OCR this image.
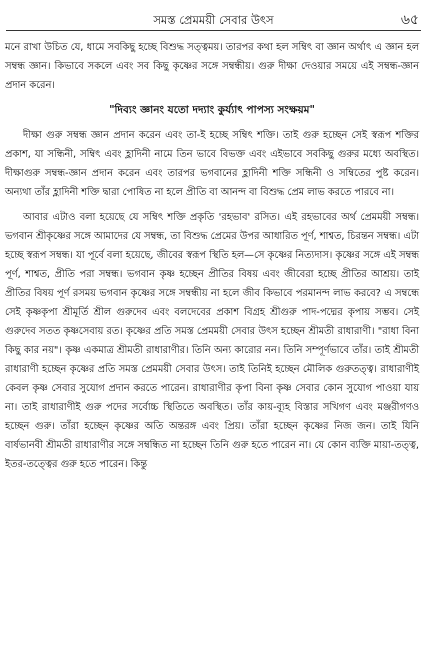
সমস্ত প্রেমময়ী সেবার উৎস	৬৫

মনে রাখা উচিত যে, ধামে সবকিছু হচ্ছে বিশুদ্ধ সত্ত্বময়। তারপর কথা হল সম্বিৎ বা জ্ঞান অর্থাৎ এ জ্ঞান হল সম্বন্ধ জ্ঞান। কিভাবে সকলে এবং সব কিছু কৃষ্ণের সঙ্গে সম্বন্ধীয়। গুরু দীক্ষা দেওয়ার সময়ে এই সম্বন্ধ-জ্ঞান প্রদান করেন।

"দিব্যং জ্ঞানং যতো দদ্যাং কুর্য্যাৎ পাপস্য সংক্ষয়ম"

দীক্ষা গুরু সম্বন্ধ জ্ঞান প্রদান করেন এবং তা-ই হচ্ছে সম্বিৎ শক্তি। তাই গুরু হচ্ছেন সেই স্বরূপ শক্তির প্রকাশ, যা সন্ধিনী, সম্বিৎ এবং হ্লাদিনী নামে তিন ভাবে বিভক্ত এবং এইভাবে সবকিছু গুরুর মধ্যে অবস্থিত। দীক্ষাগুরু সম্বন্ধ-জ্ঞান প্রদান করেন এবং তারপর ভগবানের হ্লাদিনী শক্তি সন্ধিনী ও সম্বিতের পুষ্ট করেন। অন্যথা তাঁর হ্লাদিনী শক্তি দ্বারা পোষিত না হলে প্রীতি বা আনন্দ বা বিশুদ্ধ প্রেম লাভ করতে পারবে না।

আবার এটাও বলা হয়েছে যে সম্বিৎ শক্তি প্রকৃতি 'রহভাব' রসিত। এই রহভাবের অর্থ প্রেমময়ী সম্বন্ধ। ভগবান শ্রীকৃষ্ণের সঙ্গে আমাদের যে সম্বন্ধ, তা বিশুদ্ধ প্রেমের উপর আধারিত পূর্ণ, শাশ্বত, চিরন্তন সম্বন্ধ। এটা হচ্ছে স্বরূপ সম্বন্ধ। যা পূর্বে বলা হয়েছে, জীবের স্বরূপ স্থিতি হল—সে কৃষ্ণের নিত্যদাস। কৃষ্ণের সঙ্গে এই সম্বন্ধ পূর্ণ, শাশ্বত, প্রীতি পরা সম্বন্ধ। ভগবান কৃষ্ণ হচ্ছেন প্রীতির বিষয় এবং জীবেরা হচ্ছে প্রীতির আশ্রয়। তাই প্রীতির বিষয় পূর্ণ রসময় ভগবান কৃষ্ণের সঙ্গে সম্বন্ধীয় না হলে জীব কিভাবে পরমানন্দ লাভ করবে? এ সম্বন্ধে সেই কৃষ্ণকৃপা শ্রীমূর্তি শ্রীল গুরুদেব এবং বলদেবের প্রকাশ বিগ্রহ শ্রীগুরু পাদ-পদ্মের কৃপায় সম্ভব। সেই গুরুদেব সতত কৃষ্ণসেবায় রত। কৃষ্ণের প্রতি সমস্ত প্রেমময়ী সেবার উৎস হচ্ছেন শ্রীমতী রাধারাণী। "রাধা বিনা কিছু কার নয়"। কৃষ্ণ একমাত্র শ্রীমতী রাধারাণীর। তিনি অন্য কারোর নন। তিনি সম্পূর্ণভাবে তাঁর। তাই শ্রীমতী রাধারাণী হচ্ছেন কৃষ্ণের প্রতি সমস্ত প্রেমময়ী সেবার উৎস। তাই তিনিই হচ্ছেন মৌলিক গুরুতত্ত্ব। রাধারাণীই কেবল কৃষ্ণ সেবার সুযোগ প্রদান করতে পারেন। রাধারাণীর কৃপা বিনা কৃষ্ণ সেবার কোন সুযোগ পাওয়া যায় না। তাই রাধারাণীই গুরু পদের সর্বোচ্চ স্থিতিতে অবস্থিত। তাঁর কায়-ব্যূহ বিস্তার সখিগণ এবং মঞ্জরীগণও হচ্ছেন গুরু। তাঁরা হচ্ছেন কৃষ্ণের অতি অন্তরঙ্গ এবং প্রিয়। তাঁরা হচ্ছেন কৃষ্ণের নিজ জন। তাই যিনি বার্ষভানবী শ্রীমতী রাধারাণীর সঙ্গে সম্বন্ধিত না হচ্ছেন তিনি গুরু হতে পারেন না। যে কোন ব্যক্তি মায়া-তত্ত্ব, ইতর-তত্ত্বের গুরু হতে পারেন। কিন্তু
